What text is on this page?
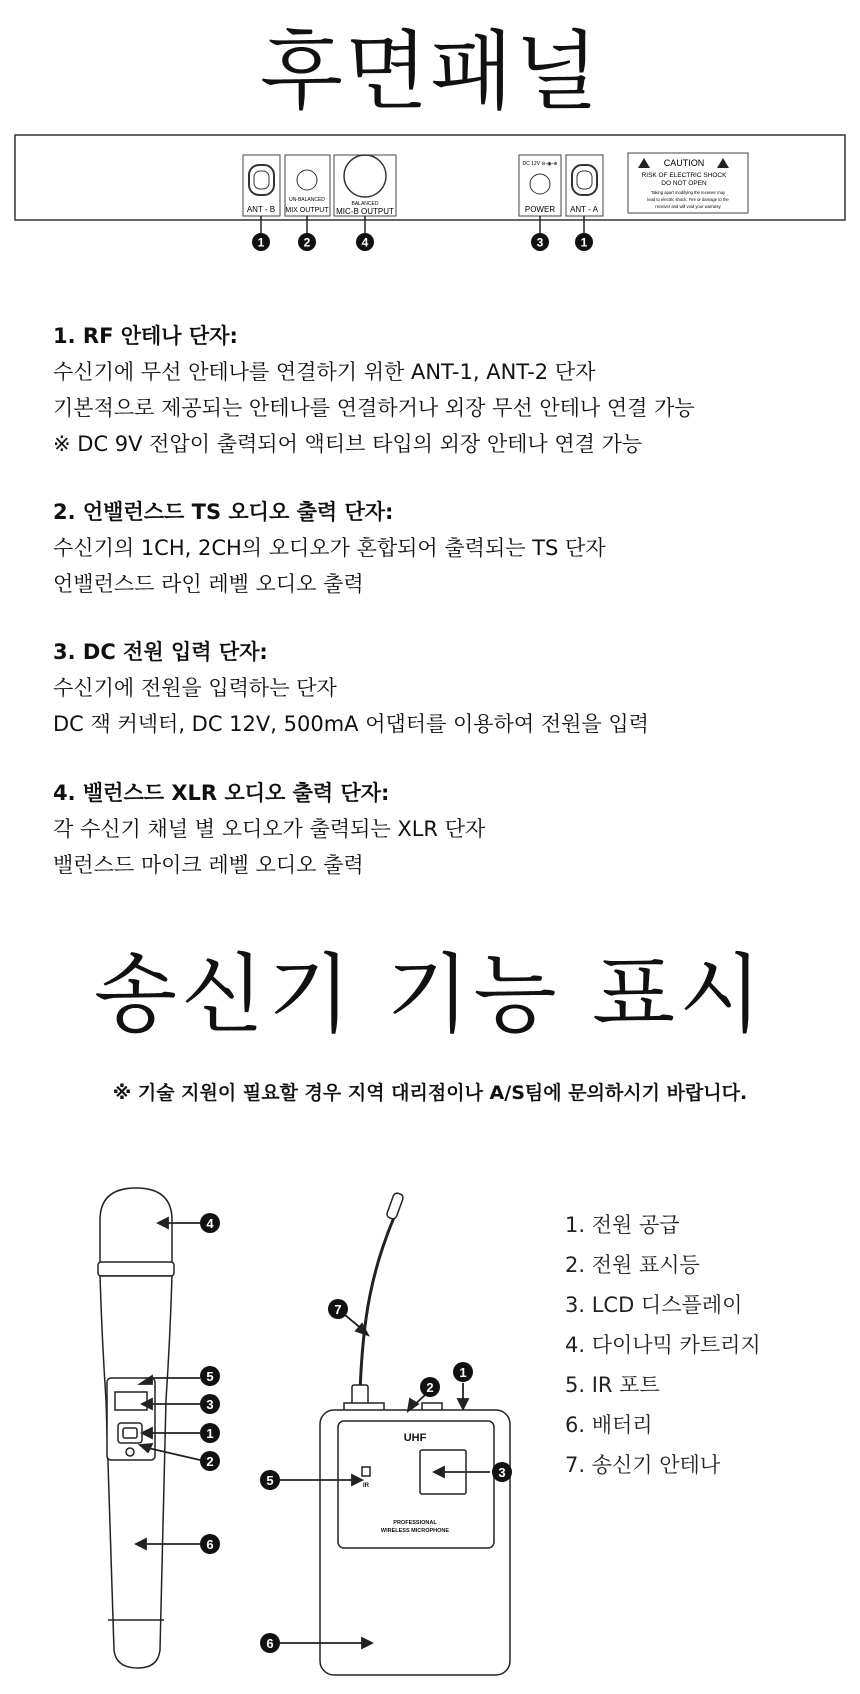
후면패널
ANT - B
UN-BALANCED
MIX OUTPUT
BALANCED
MIC-B OUTPUT
DC 12V ⊖-◉-⊕
POWER ANT - A
CAUTION
RISK OF ELECTRIC SHOCK
DO NOT OPEN
Taking apart modifying the receiver may
lead to electric shock. Fire or damage to the
receiver and will void your warranty
1	2	4	3	1

1. RF 안테나 단자:

수신기에 무선 안테나를 연결하기 위한 ANT-1, ANT-2 단자

기본적으로 제공되는 안테나를 연결하거나 외장 무선 안테나 연결 가능

※ DC 9V 전압이 출력되어 액티브 타입의 외장 안테나 연결 가능

2. 언밸런스드 TS 오디오 출력 단자:

수신기의 1CH, 2CH의 오디오가 혼합되어 출력되는 TS 단자

언밸런스드 라인 레벨 오디오 출력

3. DC 전원 입력 단자:

수신기에 전원을 입력하는 단자

DC 잭 커넥터, DC 12V, 500mA 어댑터를 이용하여 전원을 입력

4. 밸런스드 XLR 오디오 출력 단자:

각 수신기 채널 별 오디오가 출력되는 XLR 단자

밸런스드 마이크 레벨 오디오 출력

송신기 기능 표시
※ 기술 지원이 필요할 경우 지역 대리점이나 A/S팀에 문의하시기 바랍니다.
4
5
3
1
2
6
UHF
IR
PROFESSIONAL
WIRELESS MICROPHONE
7
2
1
5
3
6
1. 전원 공급
2. 전원 표시등
3. LCD 디스플레이
4. 다이나믹 카트리지
5. IR 포트
6. 배터리
7. 송신기 안테나
